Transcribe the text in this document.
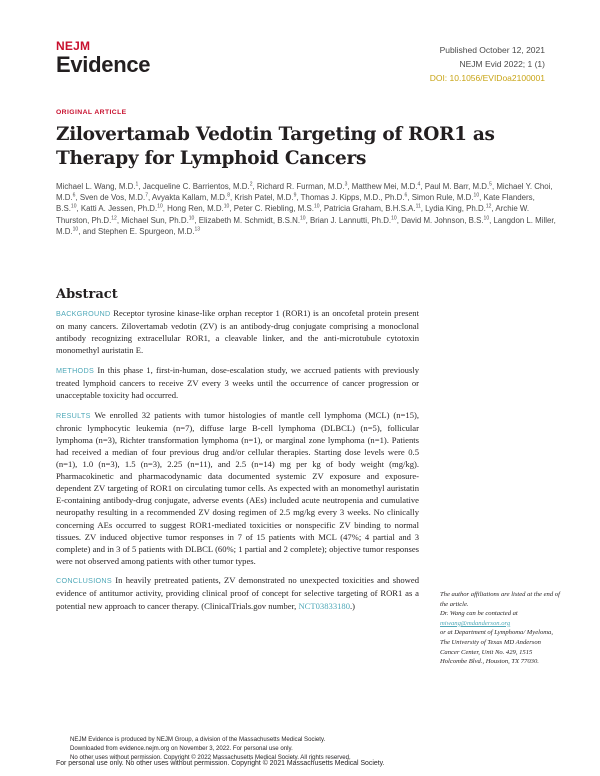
NEJM
Evidence
Published October 12, 2021
NEJM Evid 2022; 1 (1)
DOI: 10.1056/EVIDoa2100001
ORIGINAL ARTICLE
Zilovertamab Vedotin Targeting of ROR1 as Therapy for Lymphoid Cancers
Michael L. Wang, M.D.$^1$, Jacqueline C. Barrientos, M.D.$^2$, Richard R. Furman, M.D.$^3$, Matthew Mei, M.D.$^4$, Paul M. Barr, M.D.$^5$, Michael Y. Choi, M.D.$^6$, Sven de Vos, M.D.$^7$, Avyakta Kallam, M.D.$^8$, Krish Patel, M.D.$^9$, Thomas J. Kipps, M.D., Ph.D.$^6$, Simon Rule, M.D.$^{10}$, Kate Flanders, B.S.$^{10}$, Katti A. Jessen, Ph.D.$^{10}$, Hong Ren, M.D.$^{10}$, Peter C. Riebling, M.S.$^{10}$, Patricia Graham, B.H.S.A.$^{11}$, Lydia King, Ph.D.$^{12}$, Archie W. Thurston, Ph.D.$^{12}$, Michael Sun, Ph.D.$^{10}$, Elizabeth M. Schmidt, B.S.N.$^{10}$, Brian J. Lannutti, Ph.D.$^{10}$, David M. Johnson, B.S.$^{10}$, Langdon L. Miller, M.D.$^{10}$, and Stephen E. Spurgeon, M.D.$^{13}$
Abstract

BACKGROUND Receptor tyrosine kinase-like orphan receptor 1 (ROR1) is an oncofetal protein present on many cancers. Zilovertamab vedotin (ZV) is an antibody-drug conjugate comprising a monoclonal antibody recognizing extracellular ROR1, a cleavable linker, and the anti-microtubule cytotoxin monomethyl auristatin E.

METHODS In this phase 1, first-in-human, dose-escalation study, we accrued patients with previously treated lymphoid cancers to receive ZV every 3 weeks until the occurrence of cancer progression or unacceptable toxicity had occurred.

RESULTS We enrolled 32 patients with tumor histologies of mantle cell lymphoma (MCL) (n=15), chronic lymphocytic leukemia (n=7), diffuse large B-cell lymphoma (DLBCL) (n=5), follicular lymphoma (n=3), Richter transformation lymphoma (n=1), or marginal zone lymphoma (n=1). Patients had received a median of four previous drug and/or cellular therapies. Starting dose levels were 0.5 (n=1), 1.0 (n=3), 1.5 (n=3), 2.25 (n=11), and 2.5 (n=14) mg per kg of body weight (mg/kg). Pharmacokinetic and pharmacodynamic data documented systemic ZV exposure and exposure-dependent ZV targeting of ROR1 on circulating tumor cells. As expected with an monomethyl auristatin E-containing antibody-drug conjugate, adverse events (AEs) included acute neutropenia and cumulative neuropathy resulting in a recommended ZV dosing regimen of 2.5 mg/kg every 3 weeks. No clinically concerning AEs occurred to suggest ROR1-mediated toxicities or nonspecific ZV binding to normal tissues. ZV induced objective tumor responses in 7 of 15 patients with MCL (47%; 4 partial and 3 complete) and in 3 of 5 patients with DLBCL (60%; 1 partial and 2 complete); objective tumor responses were not observed among patients with other tumor types.

CONCLUSIONS In heavily pretreated patients, ZV demonstrated no unexpected toxicities and showed evidence of antitumor activity, providing clinical proof of concept for selective targeting of ROR1 as a potential new approach to cancer therapy. (ClinicalTrials.gov number, NCT03833180.)

The author affiliations are listed at the end of the article.
Dr. Wang can be contacted at
miwang@mdanderson.org
or at Department of Lymphoma/ Myeloma, The University of Texas MD Anderson Cancer Center, Unit No. 429, 1515 Holcombe Blvd., Houston, TX 77030.
NEJM Evidence is produced by NEJM Group, a division of the Massachusetts Medical Society.
Downloaded from evidence.nejm.org on November 3, 2022. For personal use only.
No other uses without permission. Copyright © 2022 Massachusetts Medical Society. All rights reserved.
For personal use only. No other uses without permission. Copyright © 2021 Massachusetts Medical Society.
